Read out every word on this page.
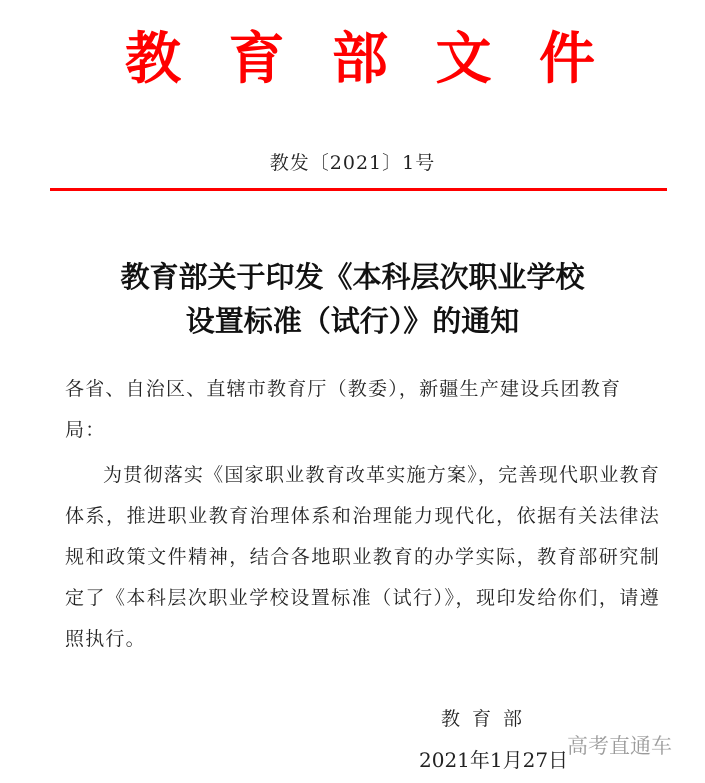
教 育 部 文 件
教发〔2021〕1号
教育部关于印发《本科层次职业学校
设置标准（试行）》的通知
各省、自治区、直辖市教育厅（教委），新疆生产建设兵团教育局：
为贯彻落实《国家职业教育改革实施方案》，完善现代职业教育体系，推进职业教育治理体系和治理能力现代化，依据有关法律法规和政策文件精神，结合各地职业教育的办学实际，教育部研究制定了《本科层次职业学校设置标准（试行）》，现印发给你们，请遵照执行。
教育部
2021年1月27日
高考直通车
